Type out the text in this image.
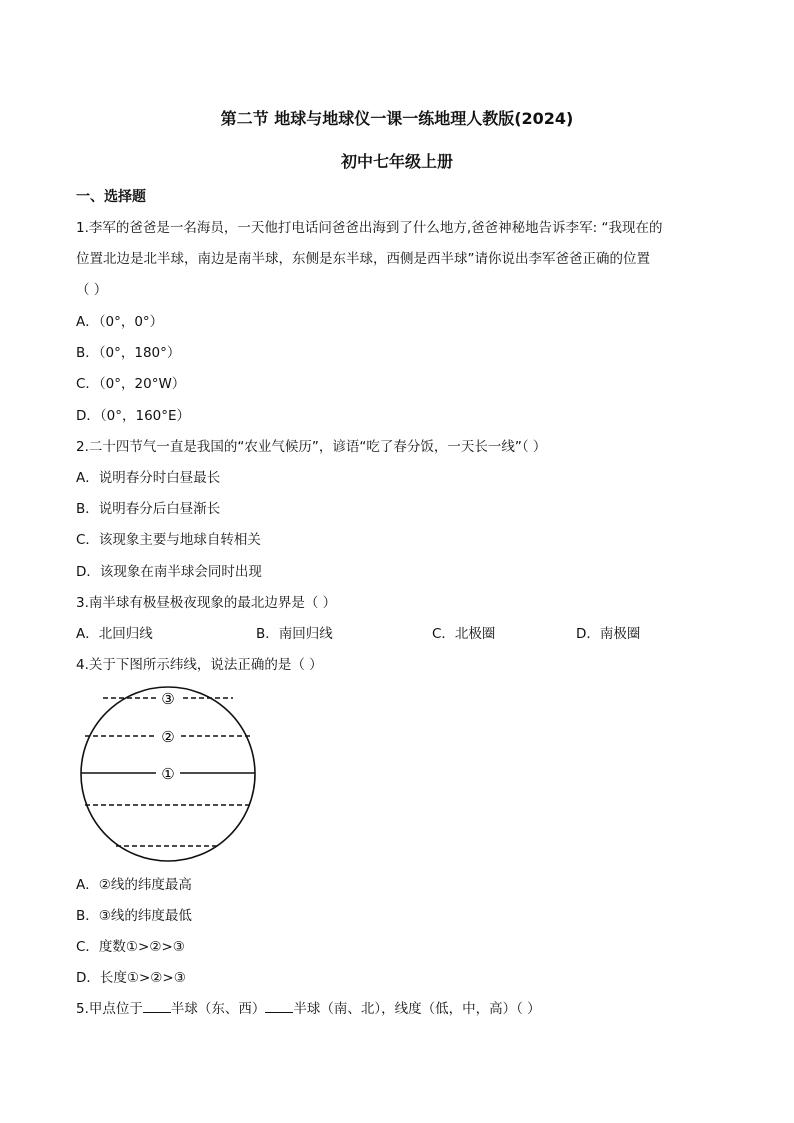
第二节 地球与地球仪一课一练地理人教版(2024)
初中七年级上册
一、选择题
1.李军的爸爸是一名海员，一天他打电话问爸爸出海到了什么地方,爸爸神秘地告诉李军: “我现在的
位置北边是北半球，南边是南半球，东侧是东半球，西侧是西半球”请你说出李军爸爸正确的位置
（ ）
A．（0°，0°）
B．（0°，180°）
C．（0°，20°W）
D．（0°，160°E）
2.二十四节气一直是我国的“农业气候历”，谚语“吃了春分饭，一天长一线”（ ）
A．说明春分时白昼最长
B．说明春分后白昼渐长
C．该现象主要与地球自转相关
D．该现象在南半球会同时出现
3.南半球有极昼极夜现象的最北边界是（ ）
A．北回归线	B．南回归线	C．北极圈	D．南极圈
4.关于下图所示纬线，说法正确的是（ ）
③
②
①
A．②线的纬度最高
B．③线的纬度最低
C．度数①>②>③
D．长度①>②>③
5.甲点位于 半球（东、西） 半球（南、北），线度（低，中，高）（ ）
